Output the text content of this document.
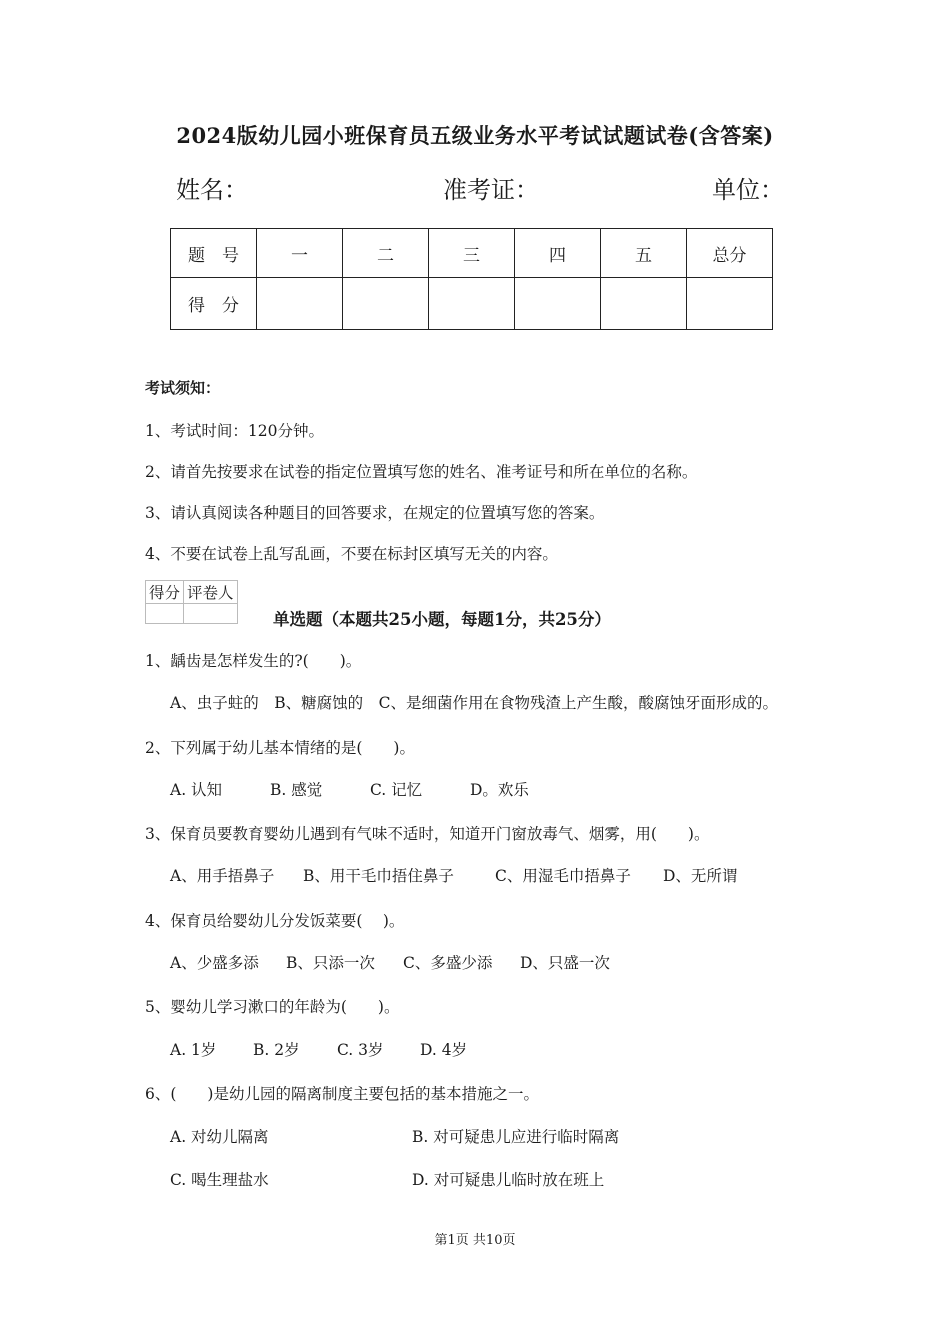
2024版幼儿园小班保育员五级业务水平考试试题试卷(含答案)
姓名：	准考证：	单位：
题　号	一	二	三	四	五	总分
得　分						
考试须知：
1、考试时间：120分钟。
2、请首先按要求在试卷的指定位置填写您的姓名、准考证号和所在单位的名称。
3、请认真阅读各种题目的回答要求，在规定的位置填写您的答案。
4、不要在试卷上乱写乱画，不要在标封区填写无关的内容。
得分	评卷人

单选题（本题共25小题，每题1分，共25分）
1、龋齿是怎样发生的?(　　)。
A、虫子蛀的　B、糖腐蚀的　C、是细菌作用在食物残渣上产生酸，酸腐蚀牙面形成的。
2、下列属于幼儿基本情绪的是(　　)。
A. 认知	B. 感觉	C. 记忆	D。欢乐
3、保育员要教育婴幼儿遇到有气味不适时，知道开门窗放毒气、烟雾，用(　　)。
A、用手捂鼻子 B、用干毛巾捂住鼻子	C、用湿毛巾捂鼻子 D、无所谓
4、保育员给婴幼儿分发饭菜要(　 )。
A、少盛多添 B、只添一次 C、多盛少添 D、只盛一次
5、婴幼儿学习漱口的年龄为(　　)。
A. 1岁 B. 2岁 C. 3岁 D. 4岁
6、(　　)是幼儿园的隔离制度主要包括的基本措施之一。
A. 对幼儿隔离	B. 对可疑患儿应进行临时隔离
C. 喝生理盐水	D. 对可疑患儿临时放在班上
第1页 共10页
